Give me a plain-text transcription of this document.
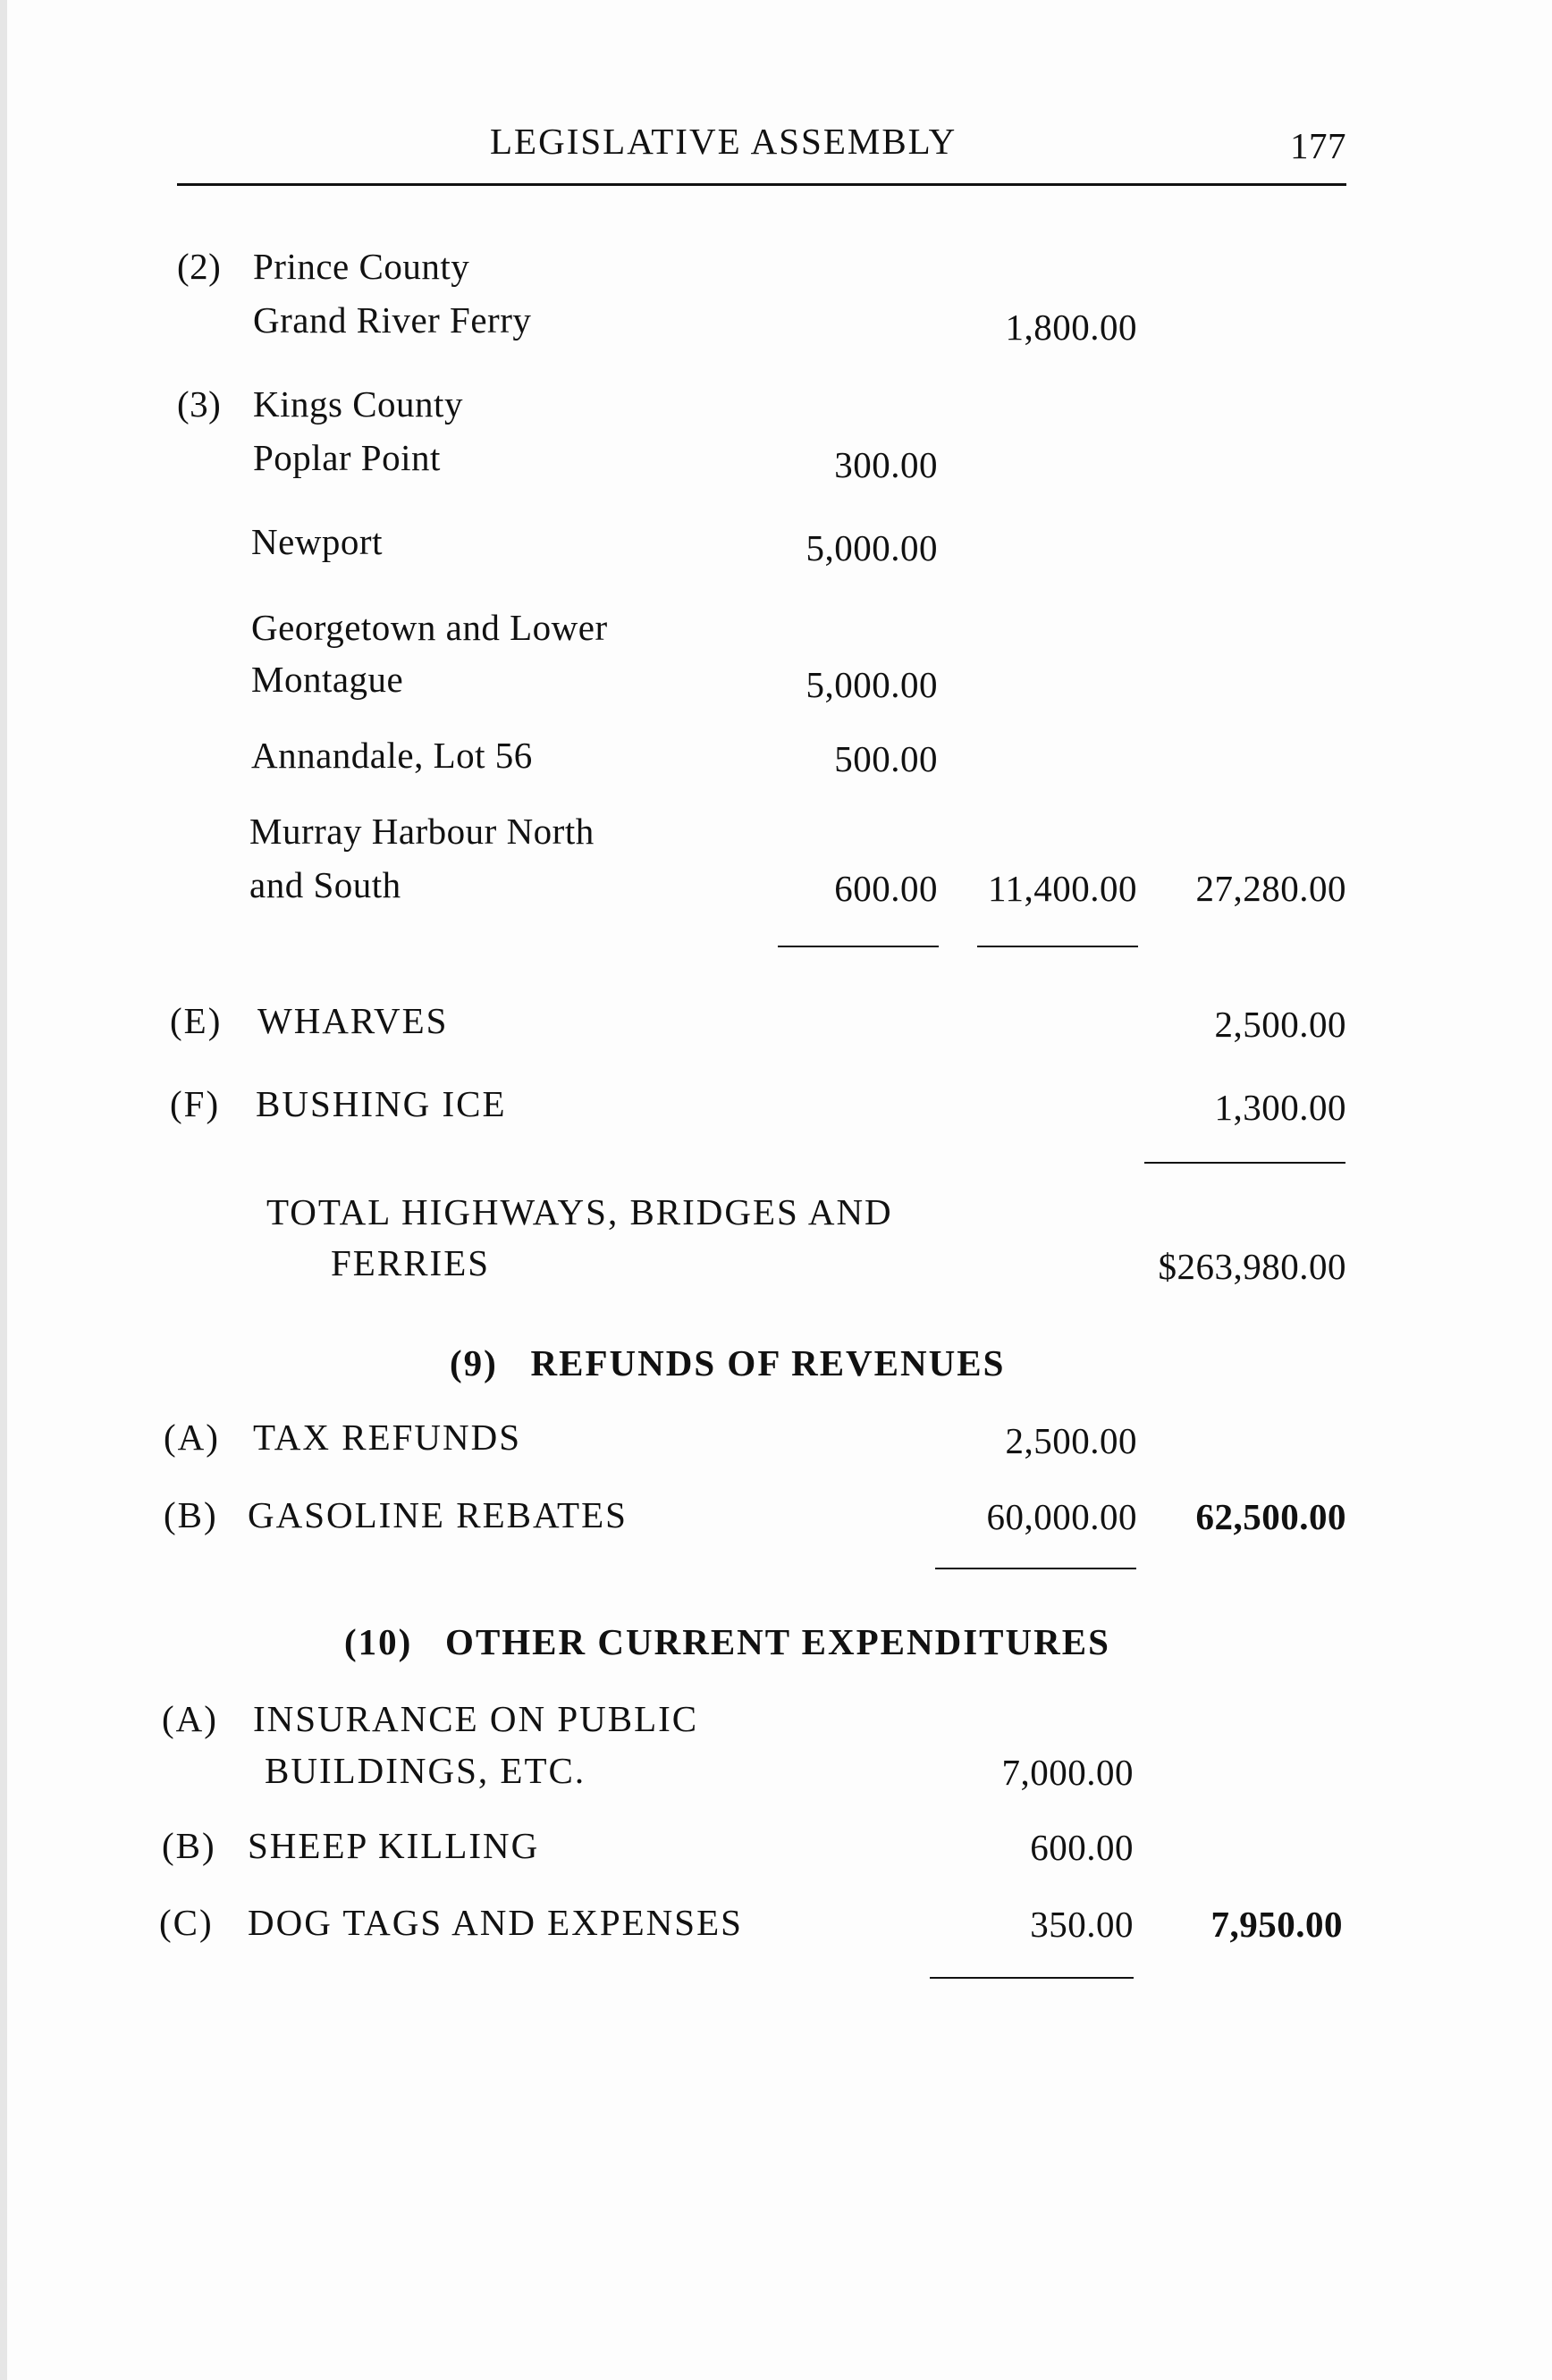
LEGISLATIVE ASSEMBLY	177
(2) Prince County
Grand River Ferry	1,800.00
(3) Kings County
Poplar Point	300.00
Newport	5,000.00
Georgetown and Lower
Montague	5,000.00
Annandale, Lot 56	500.00
Murray Harbour North
and South	600.00 11,400.00 27,280.00
(E) WHARVES	2,500.00
(F) BUSHING ICE	1,300.00
TOTAL HIGHWAYS, BRIDGES AND
FERRIES	$263,980.00
(9)   REFUNDS OF REVENUES
(A) TAX REFUNDS	2,500.00
(B) GASOLINE REBATES	60,000.00 62,500.00
(10)   OTHER CURRENT EXPENDITURES
(A) INSURANCE ON PUBLIC
BUILDINGS, ETC.	7,000.00
(B) SHEEP KILLING	600.00
(C) DOG TAGS AND EXPENSES	350.00 7,950.00
